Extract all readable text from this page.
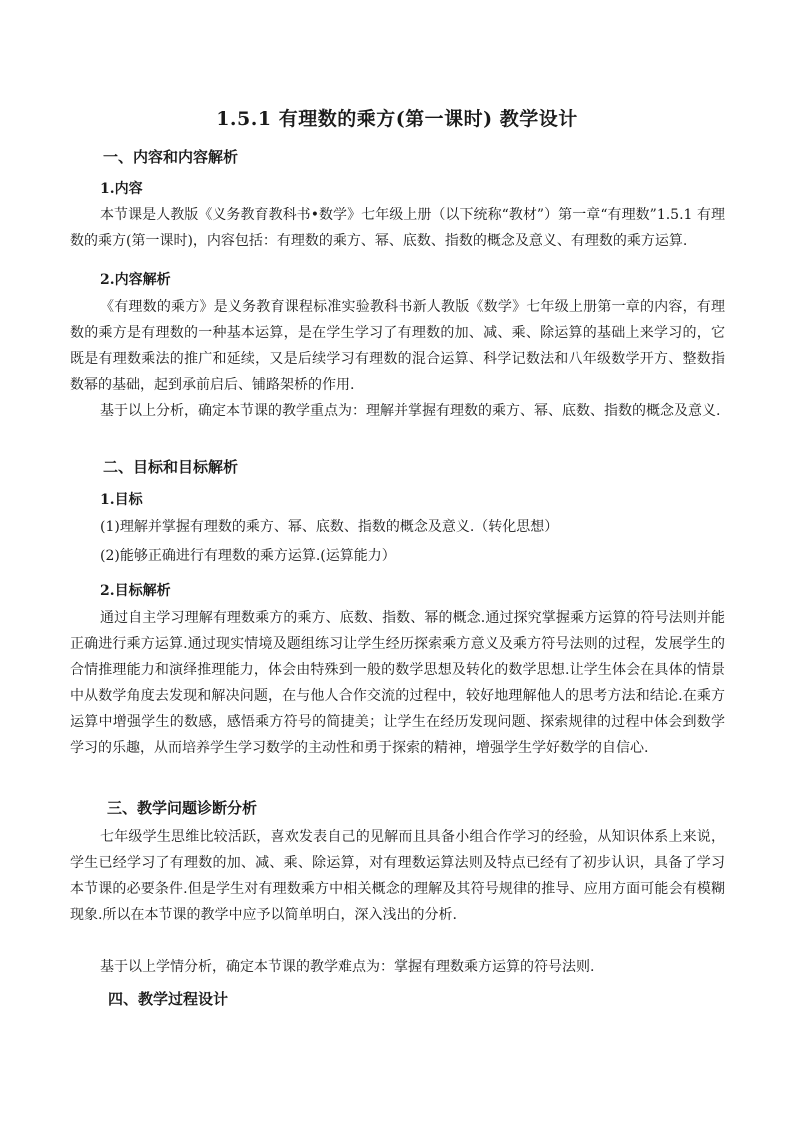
1.5.1 有理数的乘方(第一课时) 教学设计
一、内容和内容解析
1.内容
本节课是人教版《义务教育教科书•数学》七年级上册（以下统称“教材”）第一章“有理数”1.5.1 有理数的乘方(第一课时)，内容包括：有理数的乘方、幂、底数、指数的概念及意义、有理数的乘方运算.
2.内容解析
《有理数的乘方》是义务教育课程标准实验教科书新人教版《数学》七年级上册第一章的内容，有理数的乘方是有理数的一种基本运算，是在学生学习了有理数的加、减、乘、除运算的基础上来学习的，它既是有理数乘法的推广和延续，又是后续学习有理数的混合运算、科学记数法和八年级数学开方、整数指数幂的基础，起到承前启后、铺路架桥的作用.
基于以上分析，确定本节课的教学重点为：理解并掌握有理数的乘方、幂、底数、指数的概念及意义.
二、目标和目标解析
1.目标
(1)理解并掌握有理数的乘方、幂、底数、指数的概念及意义.（转化思想）
(2)能够正确进行有理数的乘方运算.(运算能力）
2.目标解析
通过自主学习理解有理数乘方的乘方、底数、指数、幂的概念.通过探究掌握乘方运算的符号法则并能正确进行乘方运算.通过现实情境及题组练习让学生经历探索乘方意义及乘方符号法则的过程，发展学生的合情推理能力和演绎推理能力，体会由特殊到一般的数学思想及转化的数学思想.让学生体会在具体的情景中从数学角度去发现和解决问题，在与他人合作交流的过程中，较好地理解他人的思考方法和结论.在乘方运算中增强学生的数感，感悟乘方符号的简捷美；让学生在经历发现问题、探索规律的过程中体会到数学学习的乐趣，从而培养学生学习数学的主动性和勇于探索的精神，增强学生学好数学的自信心.
三、教学问题诊断分析
七年级学生思维比较活跃，喜欢发表自己的见解而且具备小组合作学习的经验，从知识体系上来说，学生已经学习了有理数的加、减、乘、除运算，对有理数运算法则及特点已经有了初步认识，具备了学习本节课的必要条件.但是学生对有理数乘方中相关概念的理解及其符号规律的推导、应用方面可能会有模糊现象.所以在本节课的教学中应予以简单明白，深入浅出的分析.
基于以上学情分析，确定本节课的教学难点为：掌握有理数乘方运算的符号法则.
四、教学过程设计
